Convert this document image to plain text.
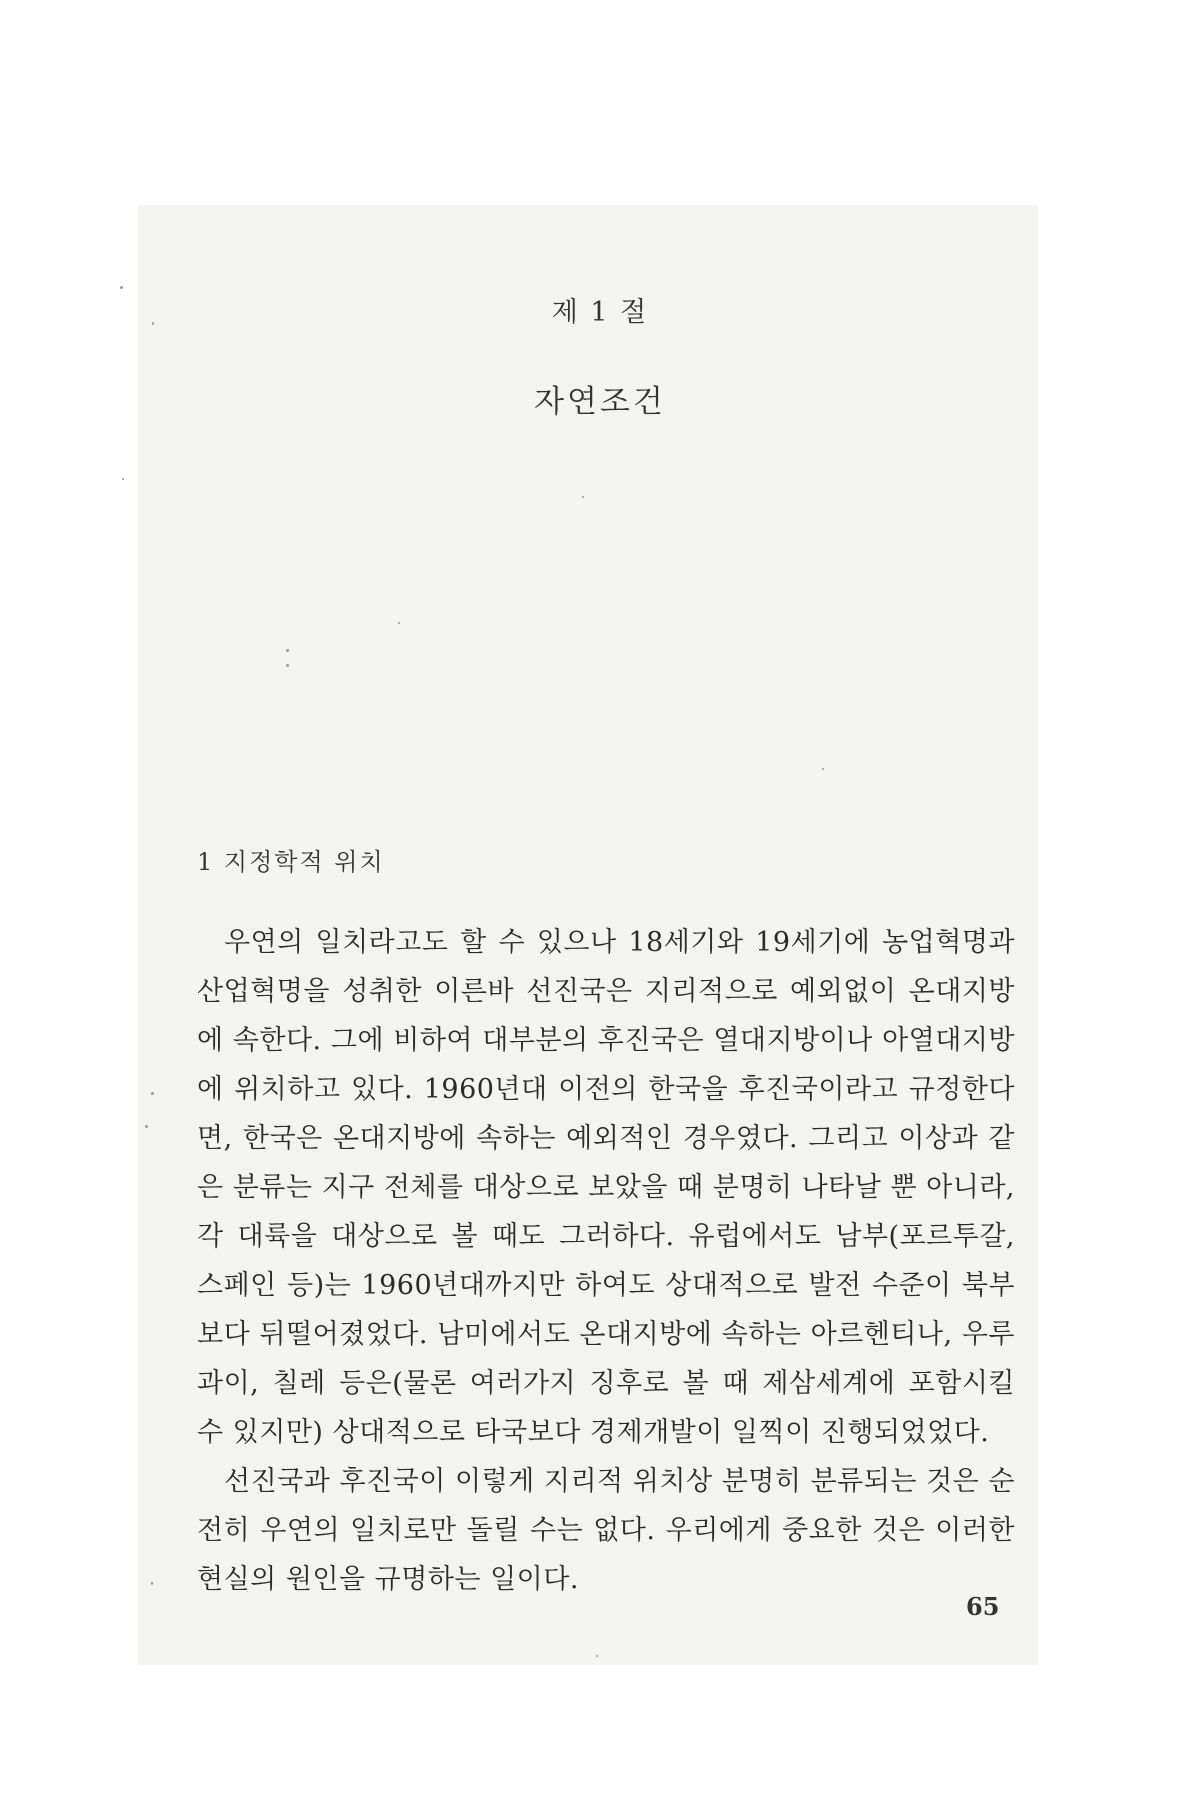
제 1 절
자연조건
1 지정학적 위치

우연의 일치라고도 할 수 있으나 18세기와 19세기에 농업혁명과 산업혁명을 성취한 이른바 선진국은 지리적으로 예외없이 온대지방에 속한다. 그에 비하여 대부분의 후진국은 열대지방이나 아열대지방에 위치하고 있다. 1960년대 이전의 한국을 후진국이라고 규정한다면, 한국은 온대지방에 속하는 예외적인 경우였다. 그리고 이상과 같은 분류는 지구 전체를 대상으로 보았을 때 분명히 나타날 뿐 아니라, 각 대륙을 대상으로 볼 때도 그러하다. 유럽에서도 남부(포르투갈, 스페인 등)는 1960년대까지만 하여도 상대적으로 발전 수준이 북부보다 뒤떨어졌었다. 남미에서도 온대지방에 속하는 아르헨티나, 우루과이, 칠레 등은(물론 여러가지 징후로 볼 때 제삼세계에 포함시킬 수 있지만) 상대적으로 타국보다 경제개발이 일찍이 진행되었었다.

선진국과 후진국이 이렇게 지리적 위치상 분명히 분류되는 것은 순전히 우연의 일치로만 돌릴 수는 없다. 우리에게 중요한 것은 이러한 현실의 원인을 규명하는 일이다.

65
